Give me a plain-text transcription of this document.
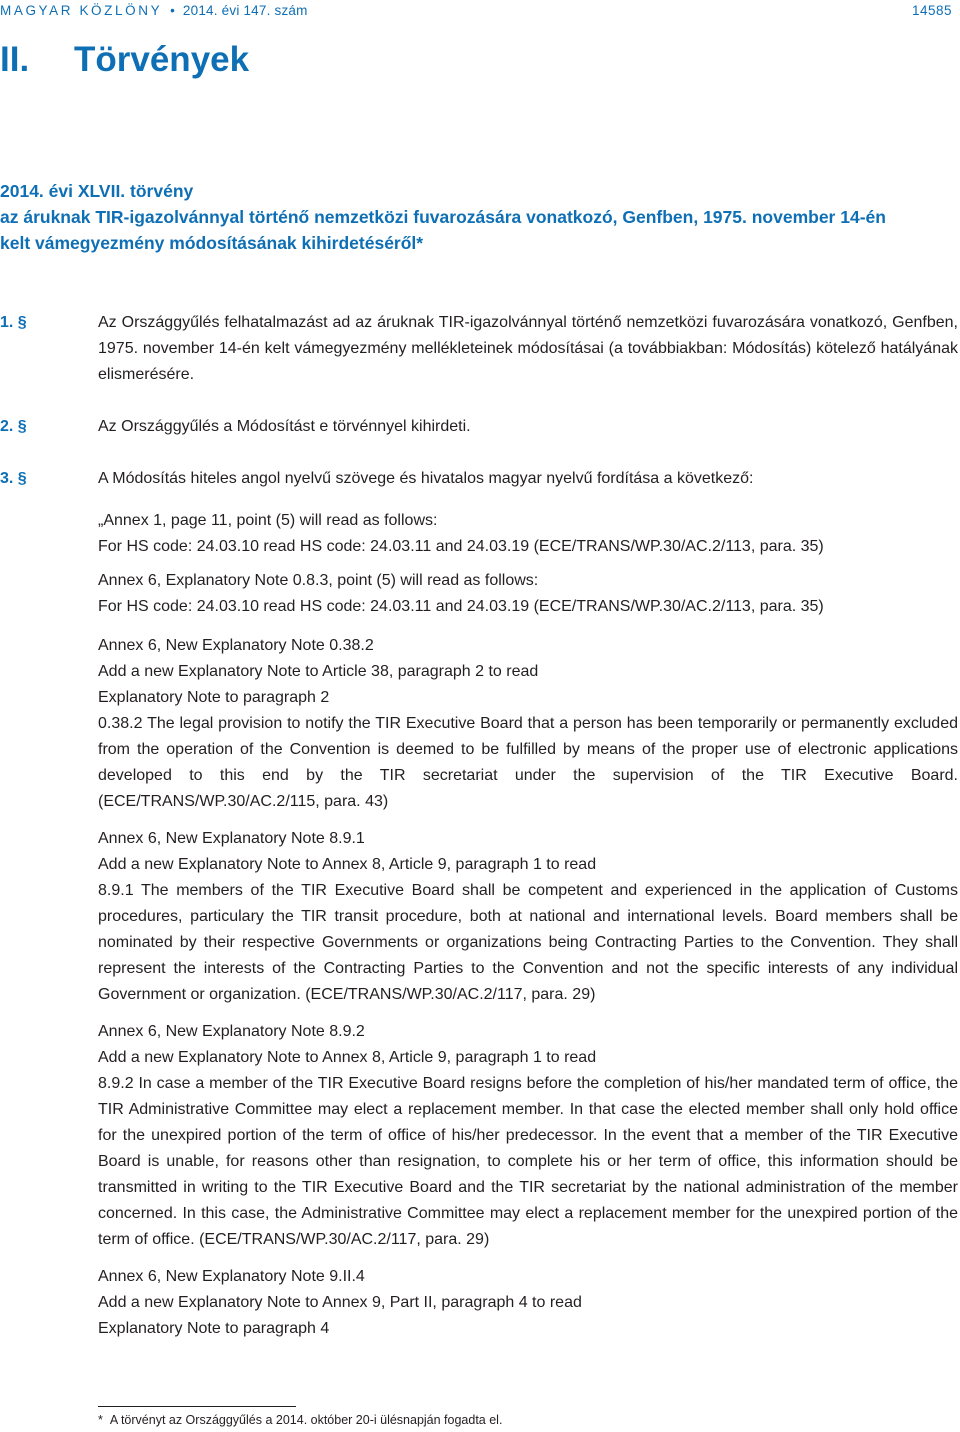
MAGYAR KÖZLÖNY • 2014. évi 147. szám	14585
II. Törvények
2014. évi XLVII. törvény
az áruknak TIR-igazolvánnyal történő nemzetközi fuvarozására vonatkozó, Genfben, 1975. november 14-én
kelt vámegyezmény módosításának kihirdetéséről*
1. §	Az Országgyűlés felhatalmazást ad az áruknak TIR-igazolvánnyal történő nemzetközi fuvarozására vonatkozó, Genfben, 1975. november 14-én kelt vámegyezmény mellékleteinek módosításai (a továbbiakban: Módosítás) kötelező hatályának elismerésére.
2. §	Az Országgyűlés a Módosítást e törvénnyel kihirdeti.
3. §	A Módosítás hiteles angol nyelvű szövege és hivatalos magyar nyelvű fordítása a következő:
„Annex 1, page 11, point (5) will read as follows:
For HS code: 24.03.10 read HS code: 24.03.11 and 24.03.19 (ECE/TRANS/WP.30/AC.2/113, para. 35)
Annex 6, Explanatory Note 0.8.3, point (5) will read as follows:
For HS code: 24.03.10 read HS code: 24.03.11 and 24.03.19 (ECE/TRANS/WP.30/AC.2/113, para. 35)
Annex 6, New Explanatory Note 0.38.2
Add a new Explanatory Note to Article 38, paragraph 2 to read
Explanatory Note to paragraph 2
0.38.2 The legal provision to notify the TIR Executive Board that a person has been temporarily or permanently excluded from the operation of the Convention is deemed to be fulfilled by means of the proper use of electronic applications developed to this end by the TIR secretariat under the supervision of the TIR Executive Board. (ECE/TRANS/WP.30/AC.2/115, para. 43)
Annex 6, New Explanatory Note 8.9.1
Add a new Explanatory Note to Annex 8, Article 9, paragraph 1 to read
8.9.1 The members of the TIR Executive Board shall be competent and experienced in the application of Customs procedures, particulary the TIR transit procedure, both at national and international levels. Board members shall be nominated by their respective Governments or organizations being Contracting Parties to the Convention. They shall represent the interests of the Contracting Parties to the Convention and not the specific interests of any individual Government or organization. (ECE/TRANS/WP.30/AC.2/117, para. 29)
Annex 6, New Explanatory Note 8.9.2
Add a new Explanatory Note to Annex 8, Article 9, paragraph 1 to read
8.9.2 In case a member of the TIR Executive Board resigns before the completion of his/her mandated term of office, the TIR Administrative Committee may elect a replacement member. In that case the elected member shall only hold office for the unexpired portion of the term of office of his/her predecessor. In the event that a member of the TIR Executive Board is unable, for reasons other than resignation, to complete his or her term of office, this information should be transmitted in writing to the TIR Executive Board and the TIR secretariat by the national administration of the member concerned. In this case, the Administrative Committee may elect a replacement member for the unexpired portion of the term of office. (ECE/TRANS/WP.30/AC.2/117, para. 29)
Annex 6, New Explanatory Note 9.II.4
Add a new Explanatory Note to Annex 9, Part II, paragraph 4 to read
Explanatory Note to paragraph 4
* A törvényt az Országgyűlés a 2014. október 20-i ülésnapján fogadta el.
